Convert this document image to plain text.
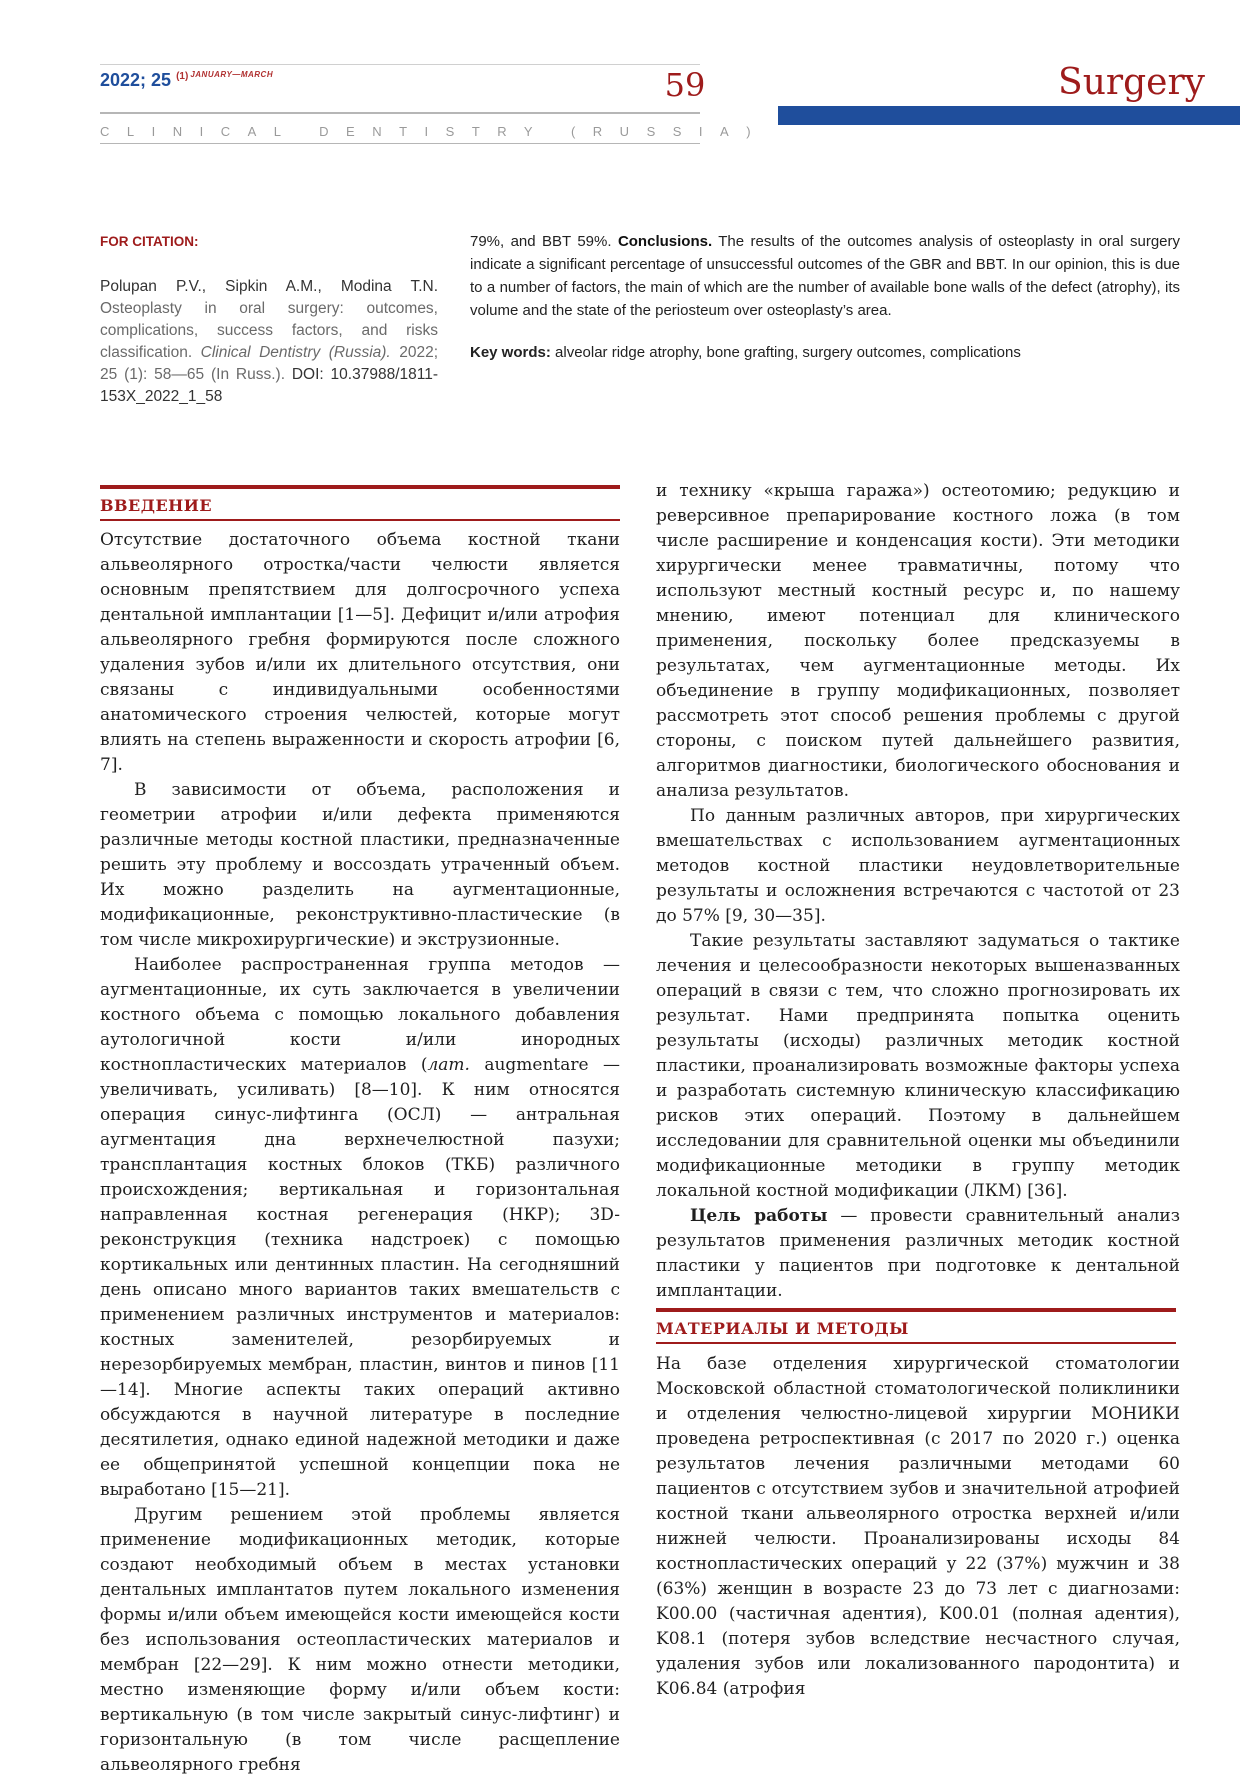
2022; 25 $^{(1)}$ $^{JANUARY—MARCH}$	59
CLINICAL DENTISTRY (RUSSIA)
Surgery
FOR CITATION:
Polupan P.V., Sipkin A.M., Modina T.N. Osteoplasty in oral surgery: outcomes, complications, success factors, and risks classification. Clinical Dentistry (Russia). 2022; 25 (1): 58—65 (In Russ.). DOI: 10.37988/1811-153X_2022_1_58
79%, and BBT 59%. Conclusions. The results of the outcomes analysis of osteoplasty in oral surgery indicate a significant percentage of unsuccessful outcomes of the GBR and BBT. In our opinion, this is due to a number of factors, the main of which are the number of available bone walls of the defect (atrophy), its volume and the state of the periosteum over osteoplasty’s area.
Key words: alveolar ridge atrophy, bone grafting, surgery outcomes, complications
ВВЕДЕНИЕ

Отсутствие достаточного объема костной ткани альвеолярного отростка/части челюсти является основным препятствием для долгосрочного успеха дентальной имплантации [1—5]. Дефицит и/или атрофия альвеолярного гребня формируются после сложного удаления зубов и/или их длительного отсутствия, они связаны с индивидуальными особенностями анатомического строения челюстей, которые могут влиять на степень выраженности и скорость атрофии [6, 7].

В зависимости от объема, расположения и геометрии атрофии и/или дефекта применяются различные методы костной пластики, предназначенные решить эту проблему и воссоздать утраченный объем. Их можно разделить на аугментационные, модификационные, реконструктивно-пластические (в том числе микрохирургические) и экструзионные.

Наиболее распространенная группа методов — аугментационные, их суть заключается в увеличении костного объема с помощью локального добавления аутологичной кости и/или инородных костнопластических материалов (лат. augmentare — увеличивать, усиливать) [8—10]. К ним относятся операция синус-лифтинга (ОСЛ) — антральная аугментация дна верхнечелюстной пазухи; трансплантация костных блоков (ТКБ) различного происхождения; вертикальная и горизонтальная направленная костная регенерация (НКР); 3D-реконструкция (техника надстроек) с помощью кортикальных или дентинных пластин. На сегодняшний день описано много вариантов таких вмешательств с применением различных инструментов и материалов: костных заменителей, резорбируемых и нерезорбируемых мембран, пластин, винтов и пинов [11—14]. Многие аспекты таких операций активно обсуждаются в научной литературе в последние десятилетия, однако единой надежной методики и даже ее общепринятой успешной концепции пока не выработано [15—21].

Другим решением этой проблемы является применение модификационных методик, которые создают необходимый объем в местах установки дентальных имплантатов путем локального изменения формы и/или объем имеющейся кости имеющейся кости без использования остеопластических материалов и мембран [22—29]. К ним можно отнести методики, местно изменяющие форму и/или объем кости: вертикальную (в том числе закрытый синус-лифтинг) и горизонтальную (в том числе расщепление альвеолярного гребня

и технику «крыша гаража») остеотомию; редукцию и реверсивное препарирование костного ложа (в том числе расширение и конденсация кости). Эти методики хирургически менее травматичны, потому что используют местный костный ресурс и, по нашему мнению, имеют потенциал для клинического применения, поскольку более предсказуемы в результатах, чем аугментационные методы. Их объединение в группу модификационных, позволяет рассмотреть этот способ решения проблемы с другой стороны, с поиском путей дальнейшего развития, алгоритмов диагностики, биологического обоснования и анализа результатов.

По данным различных авторов, при хирургических вмешательствах с использованием аугментационных методов костной пластики неудовлетворительные результаты и осложнения встречаются с частотой от 23 до 57% [9, 30—35].

Такие результаты заставляют задуматься о тактике лечения и целесообразности некоторых вышеназванных операций в связи с тем, что сложно прогнозировать их результат. Нами предпринята попытка оценить результаты (исходы) различных методик костной пластики, проанализировать возможные факторы успеха и разработать системную клиническую классификацию рисков этих операций. Поэтому в дальнейшем исследовании для сравнительной оценки мы объединили модификационные методики в группу методик локальной костной модификации (ЛКМ) [36].

Цель работы — провести сравнительный анализ результатов применения различных методик костной пластики у пациентов при подготовке к дентальной имплантации.

МАТЕРИАЛЫ И МЕТОДЫ

На базе отделения хирургической стоматологии Московской областной стоматологической поликлиники и отделения челюстно-лицевой хирургии МОНИКИ проведена ретроспективная (с 2017 по 2020 г.) оценка результатов лечения различными методами 60 пациентов с отсутствием зубов и значительной атрофией костной ткани альвеолярного отростка верхней и/или нижней челюсти. Проанализированы исходы 84 костнопластических операций у 22 (37%) мужчин и 38 (63%) женщин в возрасте 23 до 73 лет с диагнозами: K00.00 (частичная адентия), K00.01 (полная адентия), K08.1 (потеря зубов вследствие несчастного случая, удаления зубов или локализованного пародонтита) и K06.84 (атрофия
